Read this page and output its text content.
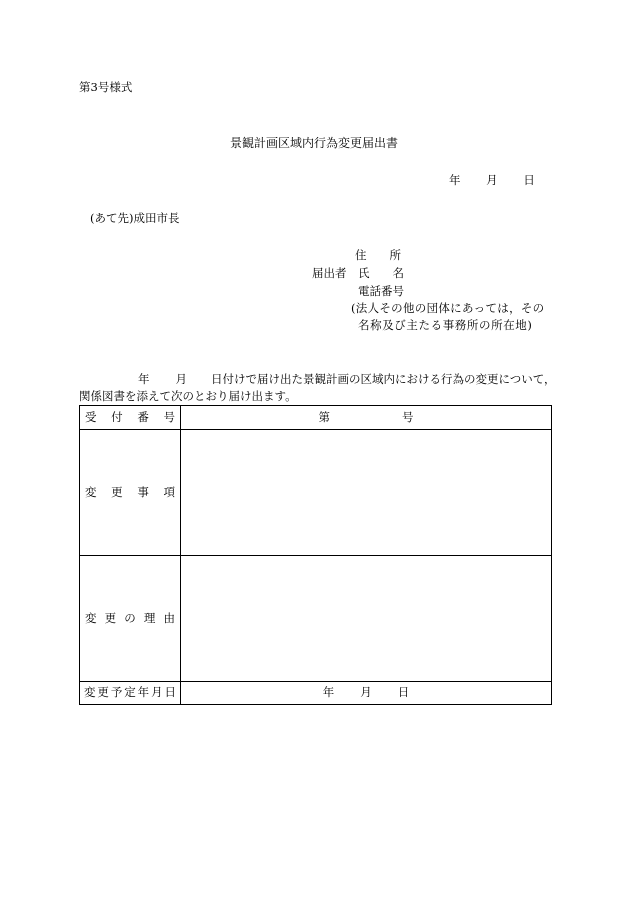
第3号様式
景観計画区域内行為変更届出書
年 月 日
(あて先)成田市長
住　　所
届出者 氏　　名
電話番号
(法人その他の団体にあっては，その
名称及び主たる事務所の所在地)
年 月 日付けで届け出た景観計画の区域内における行為の変更について，
関係図書を添えて次のとおり届け出ます。
受付番号	第 号
変更事項	
変更の理由	
変更予定年月日	年 月 日
